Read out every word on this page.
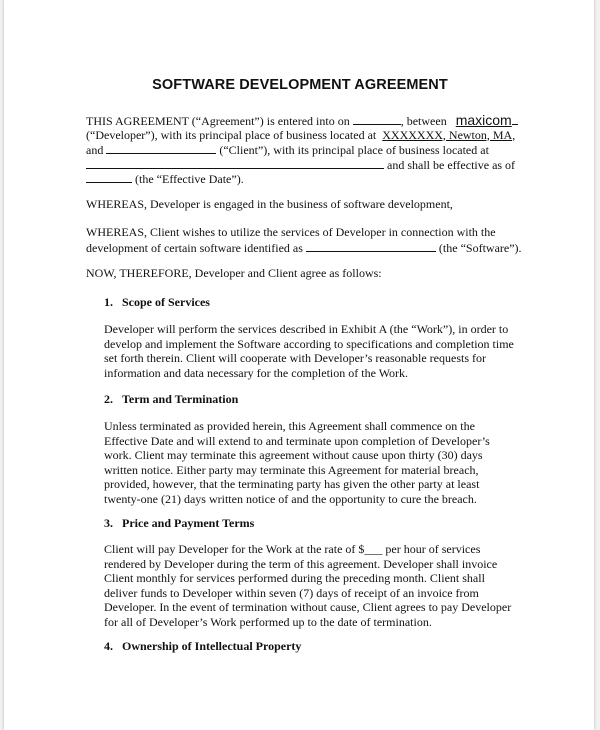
SOFTWARE DEVELOPMENT AGREEMENT
THIS AGREEMENT (“Agreement”) is entered into on	, between maxicom
(“Developer”), with its principal place of business located at XXXXXXX, Newton, MA,
and	(“Client”), with its principal place of business located at
and shall be effective as of
(the “Effective Date”).
WHEREAS, Developer is engaged in the business of software development,
WHEREAS, Client wishes to utilize the services of Developer in connection with the
development of certain software identified as	(the “Software”).
NOW, THEREFORE, Developer and Client agree as follows:
1. Scope of Services
Developer will perform the services described in Exhibit A (the “Work”), in order to
develop and implement the Software according to specifications and completion time
set forth therein. Client will cooperate with Developer’s reasonable requests for
information and data necessary for the completion of the Work.
2. Term and Termination
Unless terminated as provided herein, this Agreement shall commence on the
Effective Date and will extend to and terminate upon completion of Developer’s
work. Client may terminate this agreement without cause upon thirty (30) days
written notice. Either party may terminate this Agreement for material breach,
provided, however, that the terminating party has given the other party at least
twenty-one (21) days written notice of and the opportunity to cure the breach.
3. Price and Payment Terms
Client will pay Developer for the Work at the rate of $___ per hour of services
rendered by Developer during the term of this agreement. Developer shall invoice
Client monthly for services performed during the preceding month. Client shall
deliver funds to Developer within seven (7) days of receipt of an invoice from
Developer. In the event of termination without cause, Client agrees to pay Developer
for all of Developer’s Work performed up to the date of termination.
4. Ownership of Intellectual Property
